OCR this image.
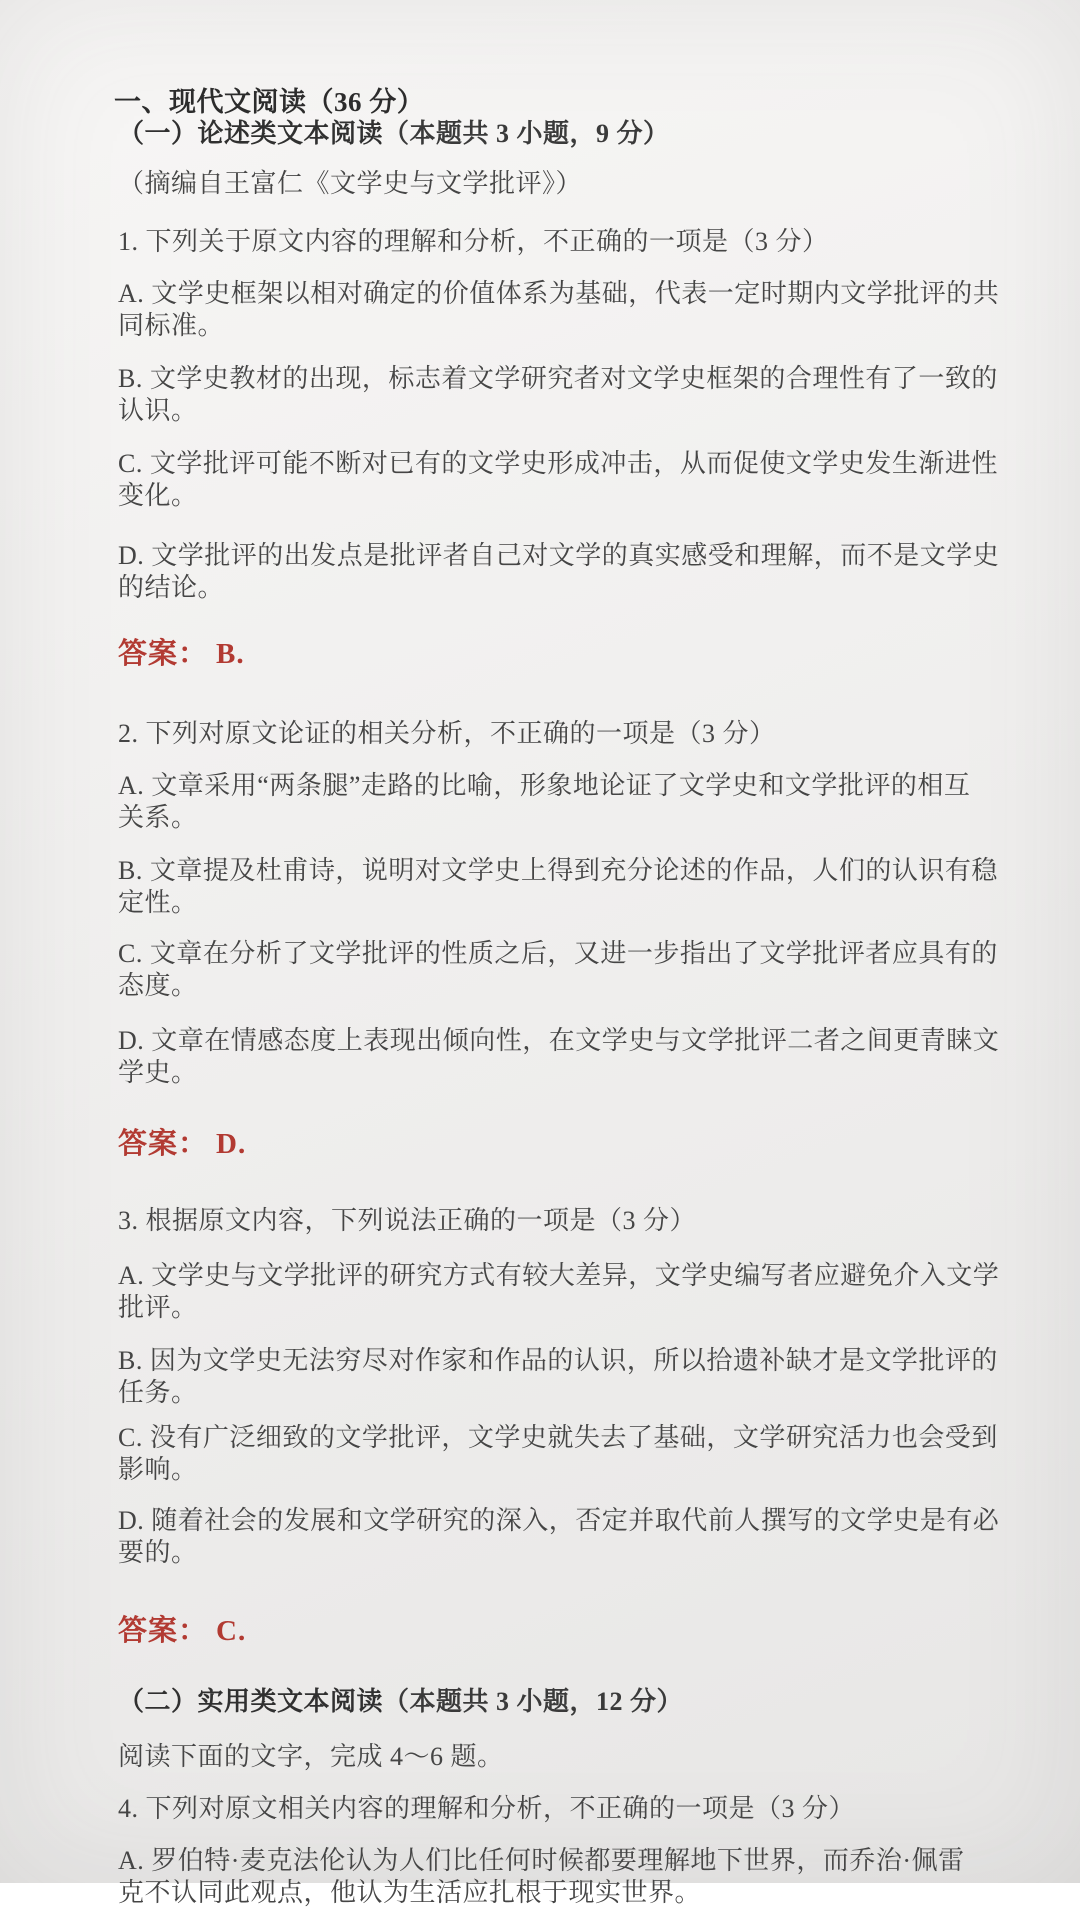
一、现代文阅读（36 分）
（一）论述类文本阅读（本题共 3 小题，9 分）
（摘编自王富仁《文学史与文学批评》）
1. 下列关于原文内容的理解和分析，不正确的一项是（3 分）
A. 文学史框架以相对确定的价值体系为基础，代表一定时期内文学批评的共
同标准。
B. 文学史教材的出现，标志着文学研究者对文学史框架的合理性有了一致的
认识。
C. 文学批评可能不断对已有的文学史形成冲击，从而促使文学史发生渐进性
变化。
D. 文学批评的出发点是批评者自己对文学的真实感受和理解，而不是文学史
的结论。
答案： B.
2. 下列对原文论证的相关分析，不正确的一项是（3 分）
A. 文章采用“两条腿”走路的比喻，形象地论证了文学史和文学批评的相互
关系。
B. 文章提及杜甫诗，说明对文学史上得到充分论述的作品，人们的认识有稳
定性。
C. 文章在分析了文学批评的性质之后，又进一步指出了文学批评者应具有的
态度。
D. 文章在情感态度上表现出倾向性，在文学史与文学批评二者之间更青睐文
学史。
答案： D.
3. 根据原文内容，下列说法正确的一项是（3 分）
A. 文学史与文学批评的研究方式有较大差异，文学史编写者应避免介入文学
批评。
B. 因为文学史无法穷尽对作家和作品的认识，所以拾遗补缺才是文学批评的
任务。
C. 没有广泛细致的文学批评，文学史就失去了基础，文学研究活力也会受到
影响。
D. 随着社会的发展和文学研究的深入，否定并取代前人撰写的文学史是有必
要的。
答案： C.
（二）实用类文本阅读（本题共 3 小题，12 分）
阅读下面的文字，完成 4～6 题。
4. 下列对原文相关内容的理解和分析，不正确的一项是（3 分）
A. 罗伯特·麦克法伦认为人们比任何时候都要理解地下世界，而乔治·佩雷
克不认同此观点，他认为生活应扎根于现实世界。
